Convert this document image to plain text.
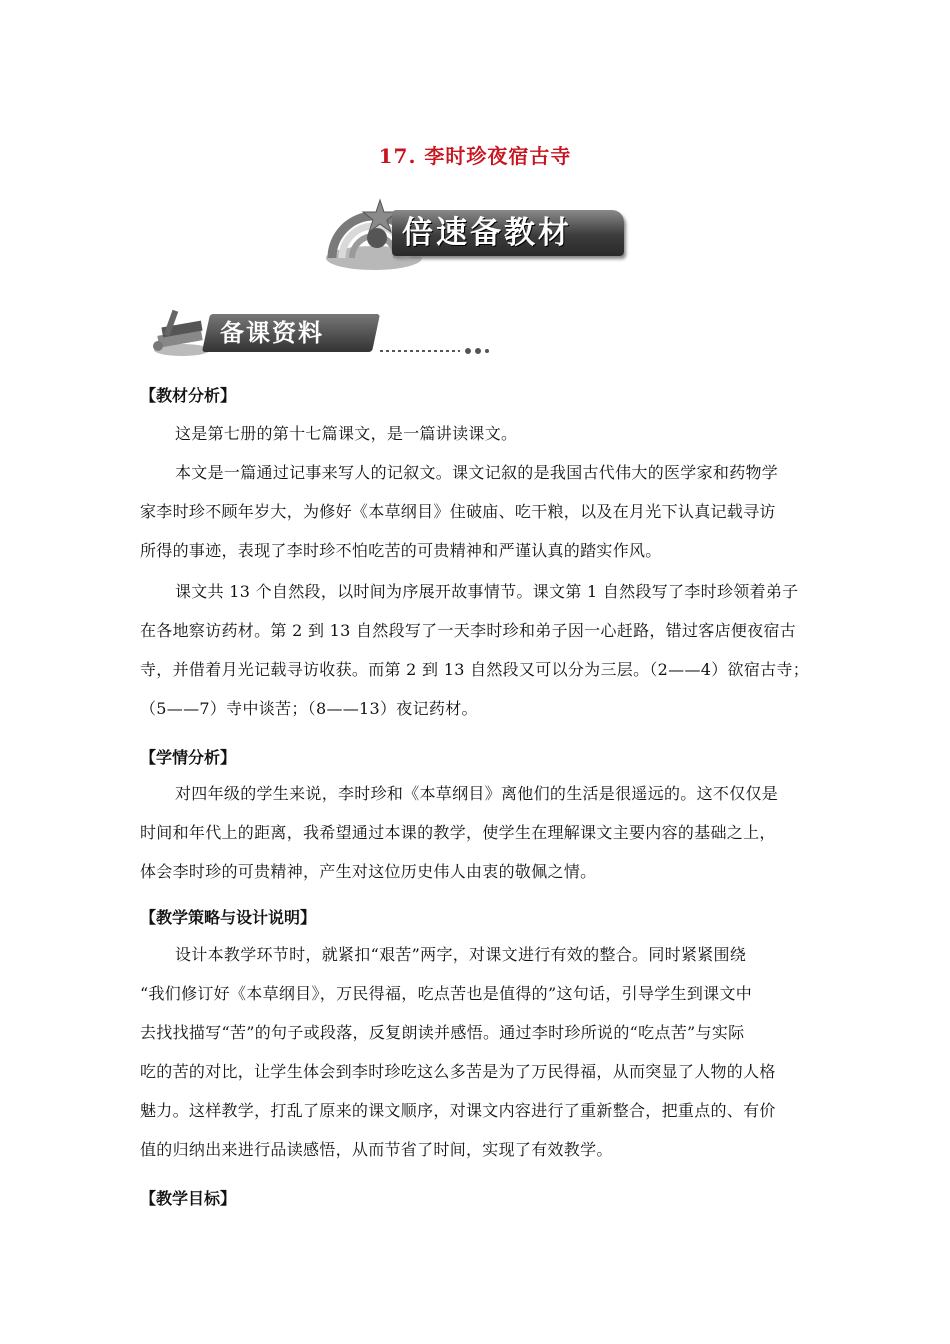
17. 李时珍夜宿古寺
倍速备教材
备课资料
【教材分析】
这是第七册的第十七篇课文，是一篇讲读课文。
本文是一篇通过记事来写人的记叙文。课文记叙的是我国古代伟大的医学家和药物学
家李时珍不顾年岁大，为修好《本草纲目》住破庙、吃干粮，以及在月光下认真记载寻访
所得的事迹，表现了李时珍不怕吃苦的可贵精神和严谨认真的踏实作风。
课文共 13 个自然段，以时间为序展开故事情节。课文第 1 自然段写了李时珍领着弟子
在各地察访药材。第 2 到 13 自然段写了一天李时珍和弟子因一心赶路，错过客店便夜宿古
寺，并借着月光记载寻访收获。而第 2 到 13 自然段又可以分为三层。（2——4）欲宿古寺；
（5——7）寺中谈苦；（8——13）夜记药材。
【学情分析】
对四年级的学生来说，李时珍和《本草纲目》离他们的生活是很遥远的。这不仅仅是
时间和年代上的距离，我希望通过本课的教学，使学生在理解课文主要内容的基础之上，
体会李时珍的可贵精神，产生对这位历史伟人由衷的敬佩之情。
【教学策略与设计说明】
设计本教学环节时，就紧扣“艰苦”两字，对课文进行有效的整合。同时紧紧围绕
“我们修订好《本草纲目》，万民得福，吃点苦也是值得的”这句话，引导学生到课文中
去找找描写“苦”的句子或段落，反复朗读并感悟。通过李时珍所说的“吃点苦”与实际
吃的苦的对比，让学生体会到李时珍吃这么多苦是为了万民得福，从而突显了人物的人格
魅力。这样教学，打乱了原来的课文顺序，对课文内容进行了重新整合，把重点的、有价
值的归纳出来进行品读感悟，从而节省了时间，实现了有效教学。
【教学目标】
